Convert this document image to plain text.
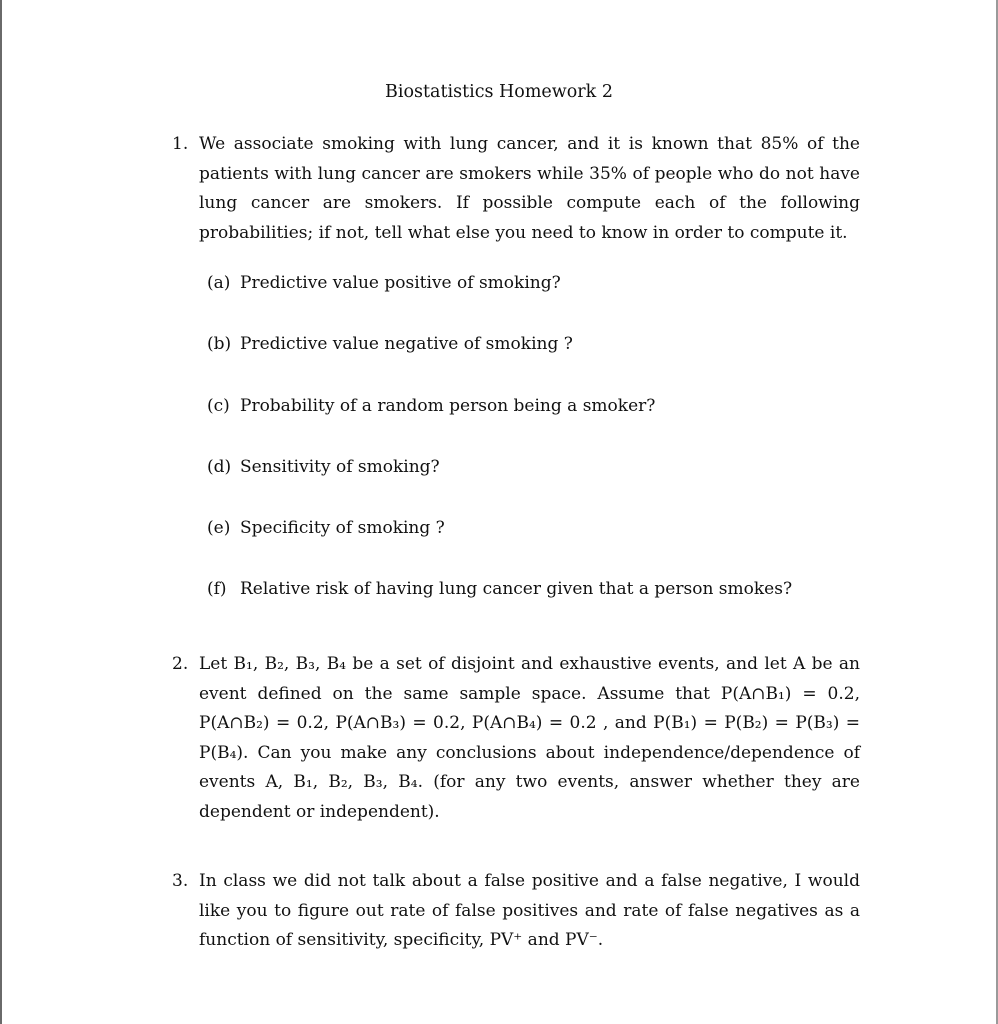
Biostatistics Homework 2
1. We associate smoking with lung cancer, and it is known that 85% of the patients with lung cancer are smokers while 35% of people who do not have lung cancer are smokers. If possible compute each of the following probabilities; if not, tell what else you need to know in order to compute it.
(a) Predictive value positive of smoking?
(b) Predictive value negative of smoking ?
(c) Probability of a random person being a smoker?
(d) Sensitivity of smoking?
(e) Specificity of smoking ?
(f) Relative risk of having lung cancer given that a person smokes?
2. Let B₁, B₂, B₃, B₄ be a set of disjoint and exhaustive events, and let A be an event defined on the same sample space. Assume that P(A∩B₁) = 0.2, P(A∩B₂) = 0.2, P(A∩B₃) = 0.2, P(A∩B₄) = 0.2 , and P(B₁) = P(B₂) = P(B₃) = P(B₄). Can you make any conclusions about independence/dependence of events A, B₁, B₂, B₃, B₄. (for any two events, answer whether they are dependent or independent).
3. In class we did not talk about a false positive and a false negative, I would like you to figure out rate of false positives and rate of false negatives as a function of sensitivity, specificity, PV⁺ and PV⁻.
